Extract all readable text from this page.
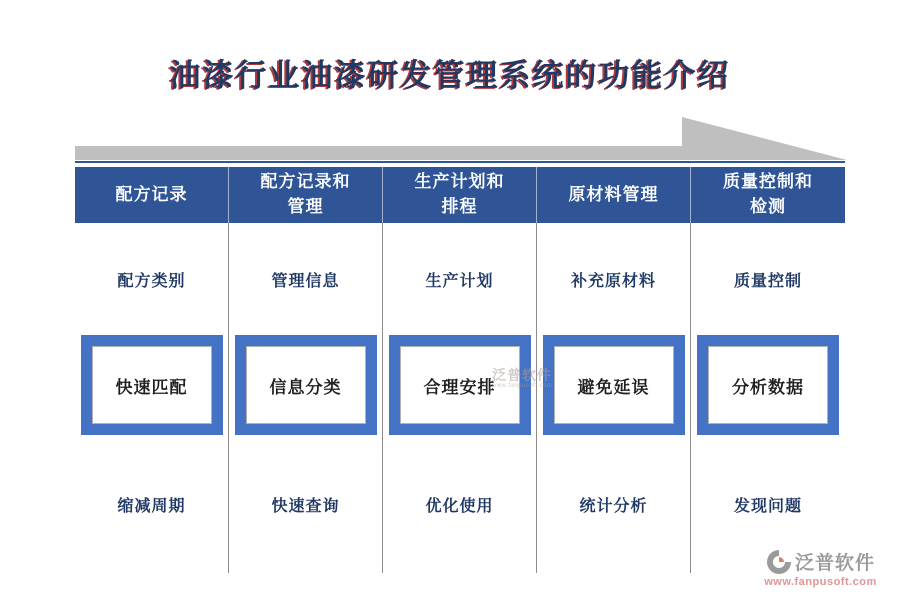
油漆行业油漆研发管理系统的功能介绍
配方记录
配方类别
快速匹配
缩减周期
配方记录和管理
管理信息
信息分类
快速查询
生产计划和排程
生产计划
合理安排
优化使用
原材料管理
补充原材料
避免延误
统计分析
质量控制和检测
质量控制
分析数据
发现问题
泛普软件
www.fanpusoft.com
泛普软件
www.fanpusoft.com
